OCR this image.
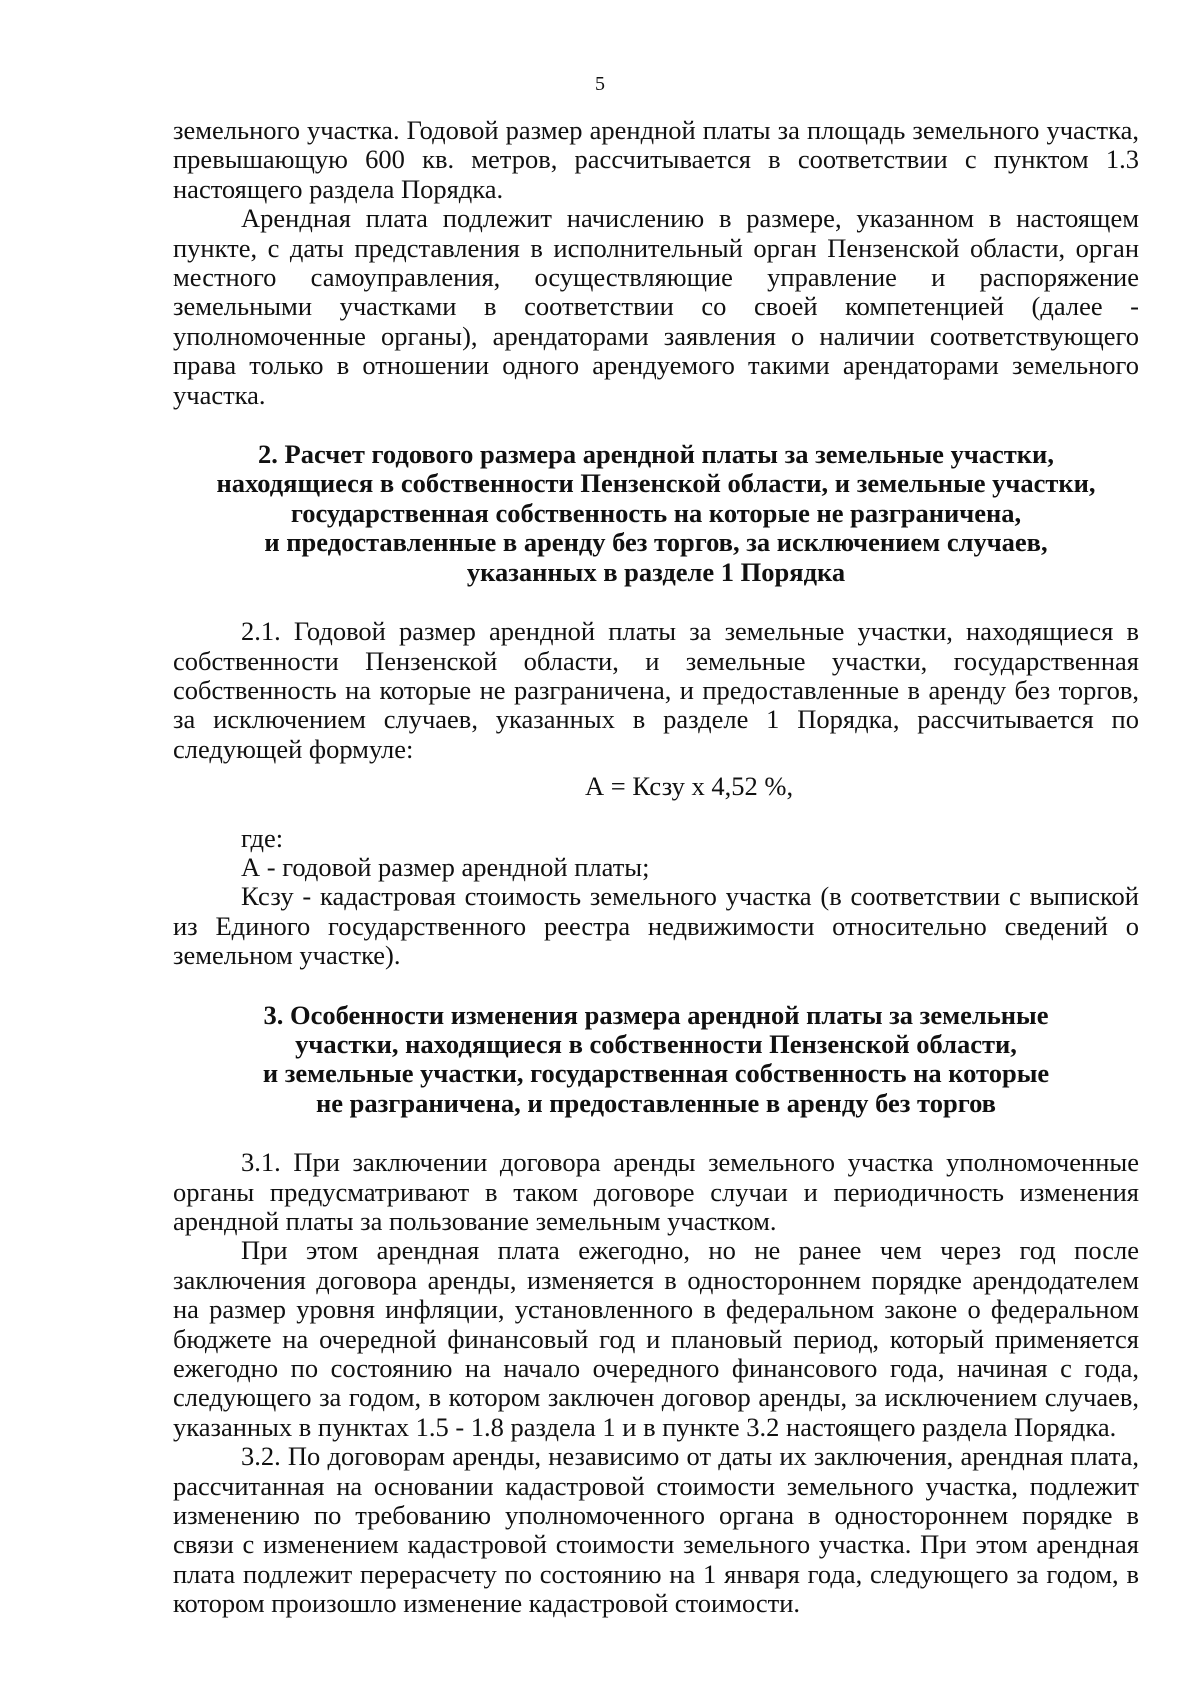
5

земельного участка. Годовой размер арендной платы за площадь земельного участка, превышающую 600 кв. метров, рассчитывается в соответствии с пунктом 1.3 настоящего раздела Порядка.

Арендная плата подлежит начислению в размере, указанном в настоящем пункте, с даты представления в исполнительный орган Пензенской области, орган местного самоуправления, осуществляющие управление и распоряжение земельными участками в соответствии со своей компетенцией (далее - уполномоченные органы), арендаторами заявления о наличии соответствующего права только в отношении одного арендуемого такими арендаторами земельного участка.

2. Расчет годового размера арендной платы за земельные участки,
находящиеся в собственности Пензенской области, и земельные участки,
государственная собственность на которые не разграничена,
и предоставленные в аренду без торгов, за исключением случаев,
указанных в разделе 1 Порядка

2.1. Годовой размер арендной платы за земельные участки, находящиеся в собственности Пензенской области, и земельные участки, государственная собственность на которые не разграничена, и предоставленные в аренду без торгов, за исключением случаев, указанных в разделе 1 Порядка, рассчитывается по следующей формуле:

А = Ксзу х 4,52 %,

где:

А - годовой размер арендной платы;

Ксзу - кадастровая стоимость земельного участка (в соответствии с выпиской из Единого государственного реестра недвижимости относительно сведений о земельном участке).

3. Особенности изменения размера арендной платы за земельные
участки, находящиеся в собственности Пензенской области,
и земельные участки, государственная собственность на которые
не разграничена, и предоставленные в аренду без торгов

3.1. При заключении договора аренды земельного участка уполномоченные органы предусматривают в таком договоре случаи и периодичность изменения арендной платы за пользование земельным участком.

При этом арендная плата ежегодно, но не ранее чем через год после заключения договора аренды, изменяется в одностороннем порядке арендодателем на размер уровня инфляции, установленного в федеральном законе о федеральном бюджете на очередной финансовый год и плановый период, который применяется ежегодно по состоянию на начало очередного финансового года, начиная с года, следующего за годом, в котором заключен договор аренды, за исключением случаев, указанных в пунктах 1.5 - 1.8 раздела 1 и в пункте 3.2 настоящего раздела Порядка.

3.2. По договорам аренды, независимо от даты их заключения, арендная плата, рассчитанная на основании кадастровой стоимости земельного участка, подлежит изменению по требованию уполномоченного органа в одностороннем порядке в связи с изменением кадастровой стоимости земельного участка. При этом арендная плата подлежит перерасчету по состоянию на 1 января года, следующего за годом, в котором произошло изменение кадастровой стоимости.
